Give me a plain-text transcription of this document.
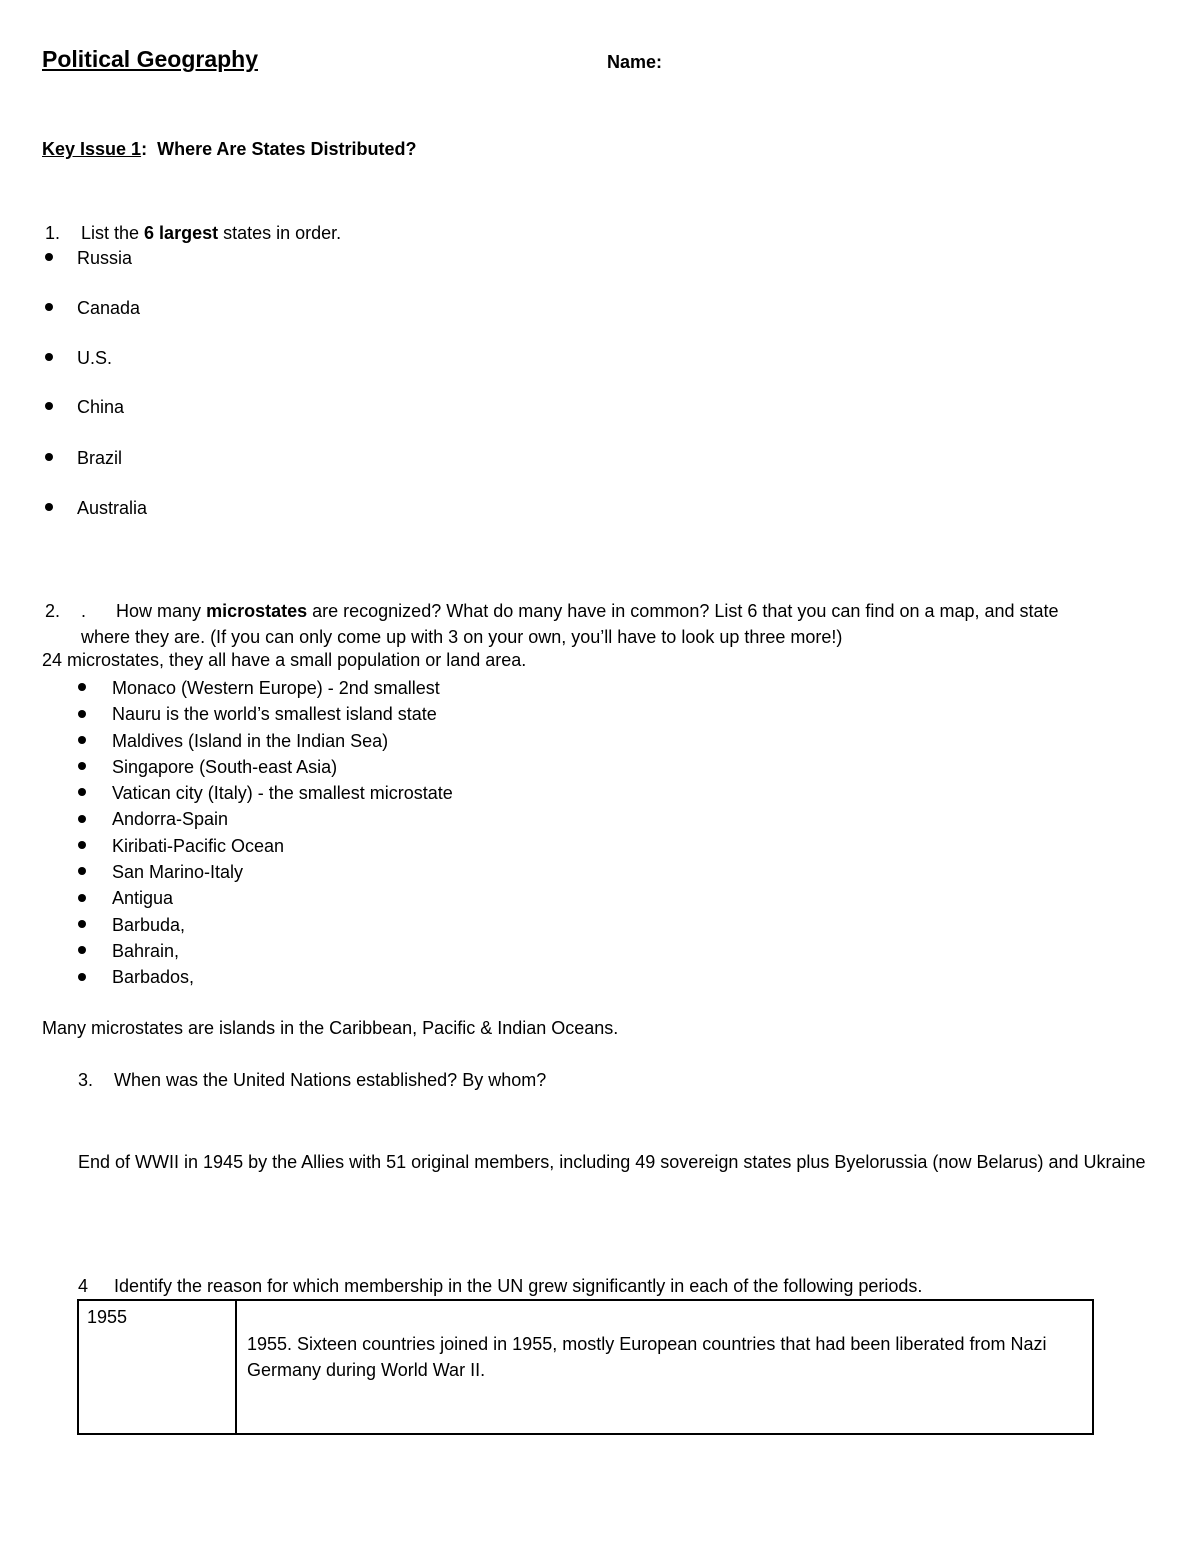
Political Geography	Name:
Key Issue 1: Where Are States Distributed?
1. List the 6 largest states in order.
Russia
Canada
U.S.
China
Brazil
Australia
2. . How many microstates are recognized? What do many have in common? List 6 that you can find on a map, and state
where they are. (If you can only come up with 3 on your own, you’ll have to look up three more!)
24 microstates, they all have a small population or land area.
Monaco (Western Europe) - 2nd smallest
Nauru is the world’s smallest island state
Maldives (Island in the Indian Sea)
Singapore (South-east Asia)
Vatican city (Italy) - the smallest microstate
Andorra-Spain
Kiribati-Pacific Ocean
San Marino-Italy
Antigua
Barbuda,
Bahrain,
Barbados,
Many microstates are islands in the Caribbean, Pacific & Indian Oceans.
3. When was the United Nations established? By whom?
End of WWII in 1945 by the Allies with 51 original members, including 49 sovereign states plus Byelorussia (now Belarus) and Ukraine
4 Identify the reason for which membership in the UN grew significantly in each of the following periods.
1955	1955. Sixteen countries joined in 1955, mostly European countries that had been liberated from Nazi Germany during World War II.
